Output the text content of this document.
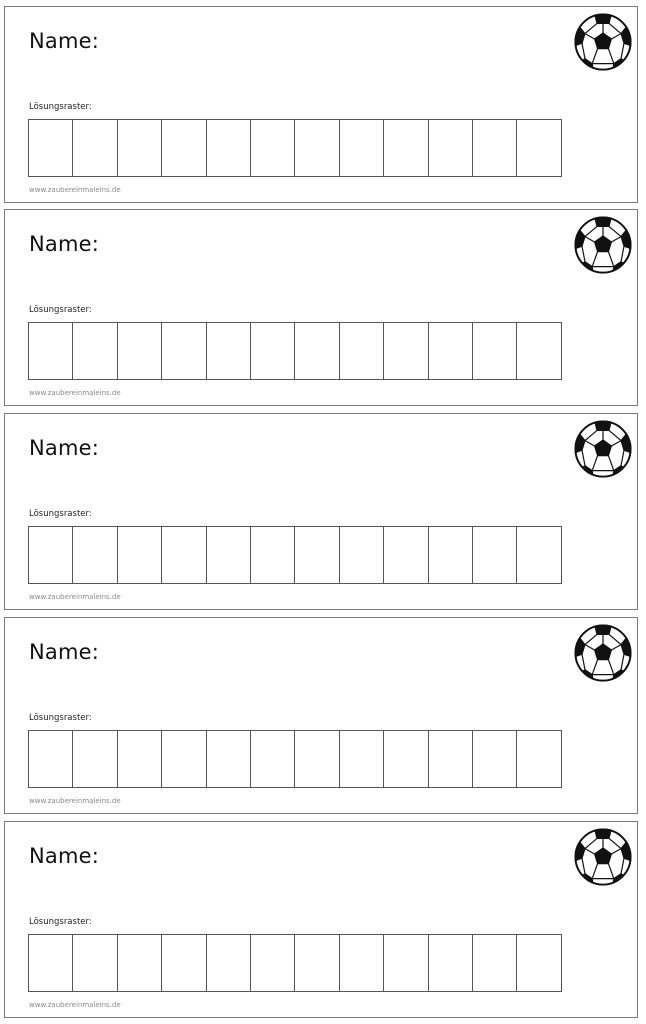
Name:
Lösungsraster:
www.zaubereinmaleins.de
Name:
Lösungsraster:
www.zaubereinmaleins.de
Name:
Lösungsraster:
www.zaubereinmaleins.de
Name:
Lösungsraster:
www.zaubereinmaleins.de
Name:
Lösungsraster:
www.zaubereinmaleins.de
